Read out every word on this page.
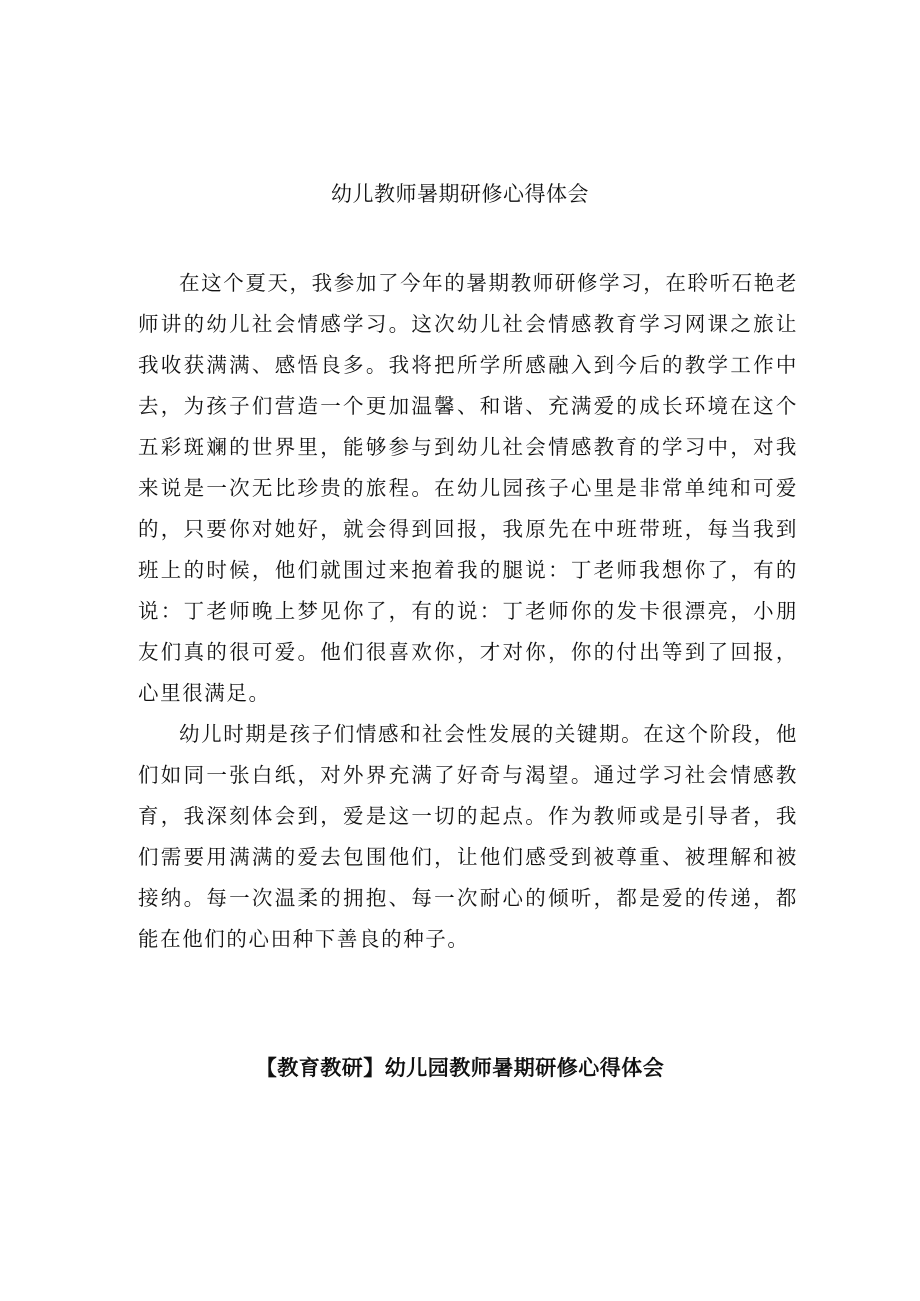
幼儿教师暑期研修心得体会

在这个夏天，我参加了今年的暑期教师研修学习，在聆听石艳老师讲的幼儿社会情感学习。这次幼儿社会情感教育学习网课之旅让我收获满满、感悟良多。我将把所学所感融入到今后的教学工作中去，为孩子们营造一个更加温馨、和谐、充满爱的成长环境在这个五彩斑斓的世界里，能够参与到幼儿社会情感教育的学习中，对我来说是一次无比珍贵的旅程。在幼儿园孩子心里是非常单纯和可爱的，只要你对她好，就会得到回报，我原先在中班带班，每当我到班上的时候，他们就围过来抱着我的腿说：丁老师我想你了，有的说：丁老师晚上梦见你了，有的说：丁老师你的发卡很漂亮，小朋友们真的很可爱。他们很喜欢你，才对你，你的付出等到了回报，心里很满足。

幼儿时期是孩子们情感和社会性发展的关键期。在这个阶段，他们如同一张白纸，对外界充满了好奇与渴望。通过学习社会情感教育，我深刻体会到，爱是这一切的起点。作为教师或是引导者，我们需要用满满的爱去包围他们，让他们感受到被尊重、被理解和被接纳。每一次温柔的拥抱、每一次耐心的倾听，都是爱的传递，都能在他们的心田种下善良的种子。

【教育教研】幼儿园教师暑期研修心得体会
